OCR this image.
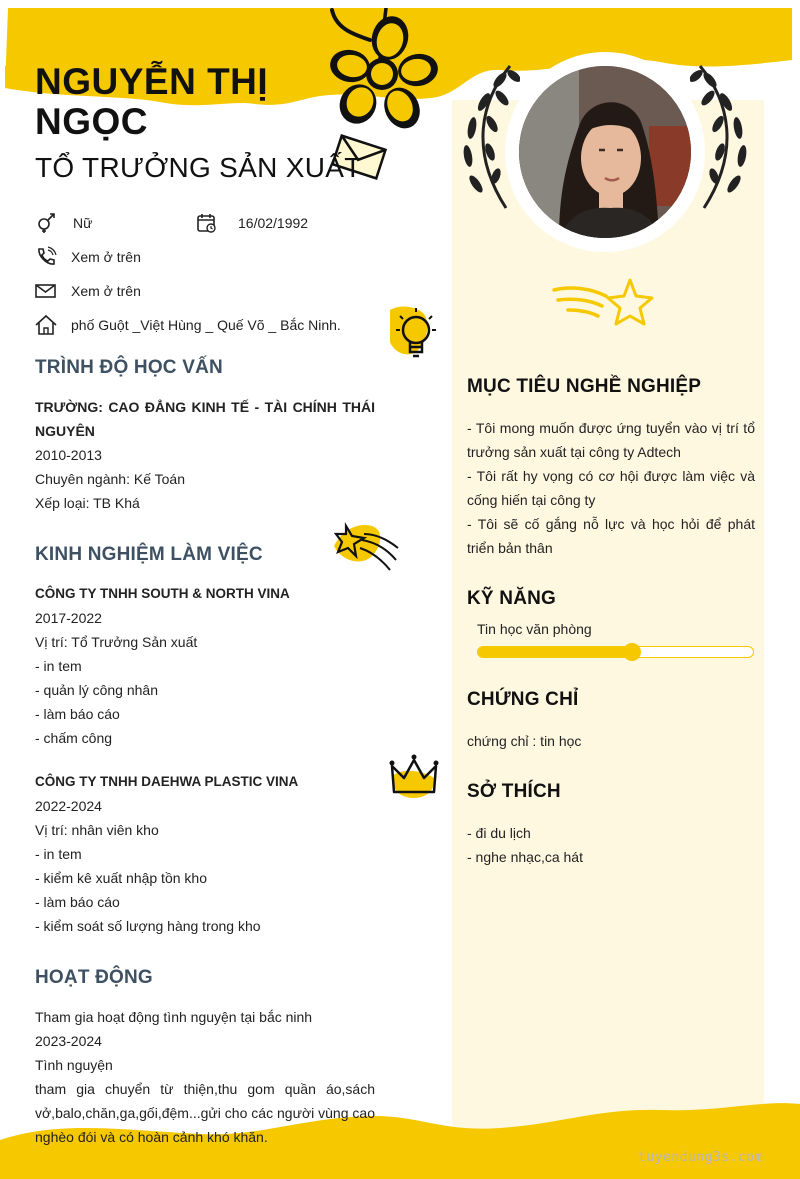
NGUYỄN THỊ NGỌC
TỔ TRƯỞNG SẢN XUẤT
Nữ	16/02/1992
Xem ở trên
Xem ở trên
phố Guột _Việt Hùng _ Quế Võ _ Bắc Ninh.
TRÌNH ĐỘ HỌC VẤN
TRƯỜNG: CAO ĐẲNG KINH TẾ - TÀI CHÍNH THÁI NGUYÊN
2010-2013
Chuyên ngành: Kế Toán
Xếp loại: TB Khá
KINH NGHIỆM LÀM VIỆC
CÔNG TY TNHH SOUTH & NORTH VINA
2017-2022
Vị trí: Tổ Trưởng Sản xuất
- in tem
- quản lý công nhân
- làm báo cáo
- chấm công
CÔNG TY TNHH DAEHWA PLASTIC VINA
2022-2024
Vị trí: nhân viên kho
- in tem
- kiểm kê xuất nhập tồn kho
- làm báo cáo
- kiểm soát số lượng hàng trong kho
HOẠT ĐỘNG
Tham gia hoạt động tình nguyện tại bắc ninh
2023-2024
Tình nguyện
tham gia chuyển từ thiện,thu gom quần áo,sách vở,balo,chăn,ga,gối,đệm...gửi cho các người vùng cao nghèo đói và có hoàn cảnh khó khăn.
MỤC TIÊU NGHỀ NGHIỆP
- Tôi mong muốn được ứng tuyển vào vị trí tổ trưởng sản xuất tại công ty Adtech
- Tôi rất hy vọng có cơ hội được làm việc và cống hiến tại công ty
- Tôi sẽ cố gắng nỗ lực và học hỏi để phát triển bản thân
KỸ NĂNG
Tin học văn phòng
CHỨNG CHỈ
chứng chỉ : tin học
SỞ THÍCH
- đi du lịch
- nghe nhạc,ca hát
tuyendung3s.com
